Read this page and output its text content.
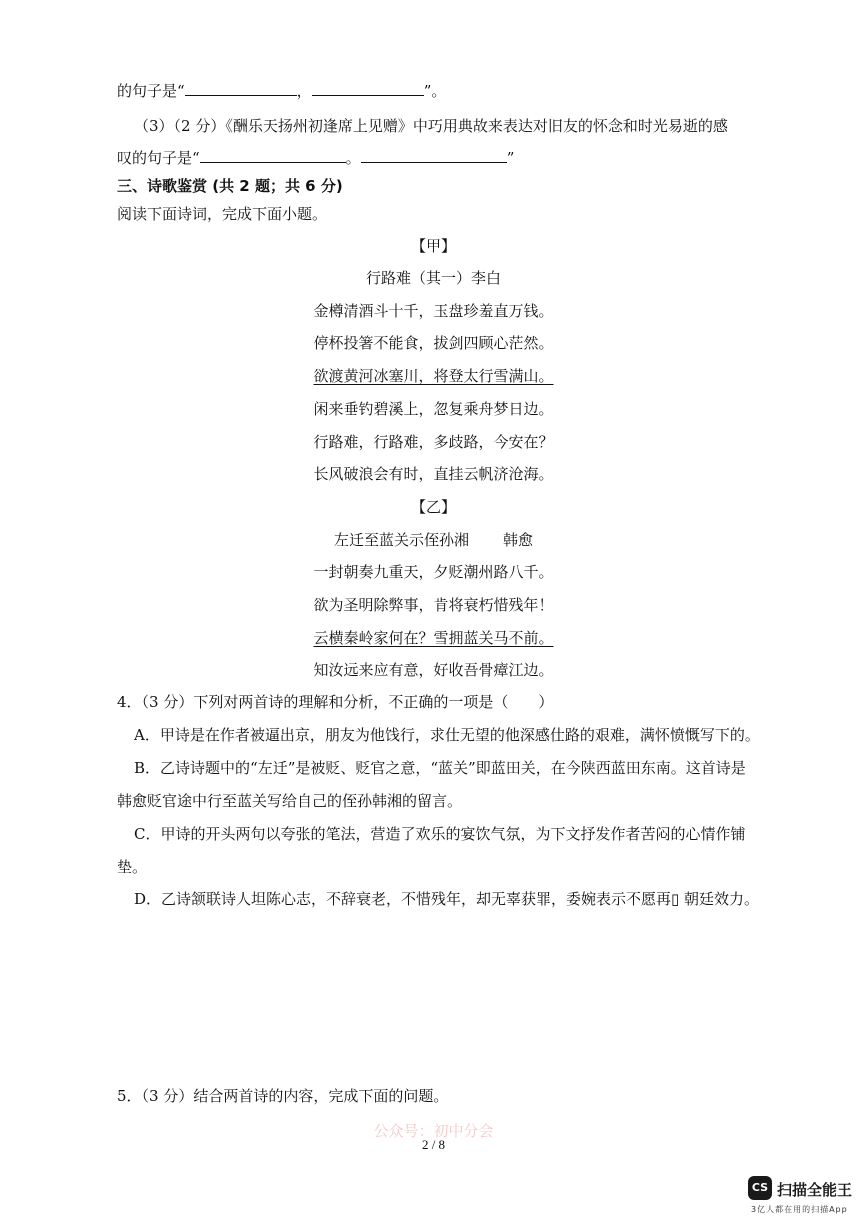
的句子是“	，	”。
（3）（2 分）《酬乐天扬州初逢席上见赠》中巧用典故来表达对旧友的怀念和时光易逝的感
叹的句子是“	。	”
三、诗歌鉴赏 (共 2 题；共 6 分)
阅读下面诗词，完成下面小题。
【甲】
行路难（其一）李白
金樽清酒斗十千，玉盘珍羞直万钱。
停杯投箸不能食，拔剑四顾心茫然。
欲渡黄河冰塞川，将登太行雪满山。
闲来垂钓碧溪上，忽复乘舟梦日边。
行路难，行路难，多歧路，今安在？
长风破浪会有时，直挂云帆济沧海。
【乙】
左迁至蓝关示侄孙湘 韩愈
一封朝奏九重天，夕贬潮州路八千。
欲为圣明除弊事，肯将衰朽惜残年！
云横秦岭家何在？雪拥蓝关马不前。
知汝远来应有意，好收吾骨瘴江边。
4．（3 分）下列对两首诗的理解和分析，不正确的一项是（ ）
A．甲诗是在作者被逼出京，朋友为他饯行，求仕无望的他深感仕路的艰难，满怀愤慨写下的。
B．乙诗诗题中的“左迁”是被贬、贬官之意，“蓝关”即蓝田关，在今陕西蓝田东南。这首诗是
韩愈贬官途中行至蓝关写给自己的侄孙韩湘的留言。
C．甲诗的开头两句以夸张的笔法，营造了欢乐的宴饮气氛，为下文抒发作者苦闷的心情作铺
垫。
D．乙诗颔联诗人坦陈心志，不辞衰老，不惜残年，却无辜获罪，委婉表示不愿再▯ 朝廷效力。
5．（3 分）结合两首诗的内容，完成下面的问题。
公众号：初中分会
2 / 8
CS 扫描全能王
3亿人都在用的扫描App
